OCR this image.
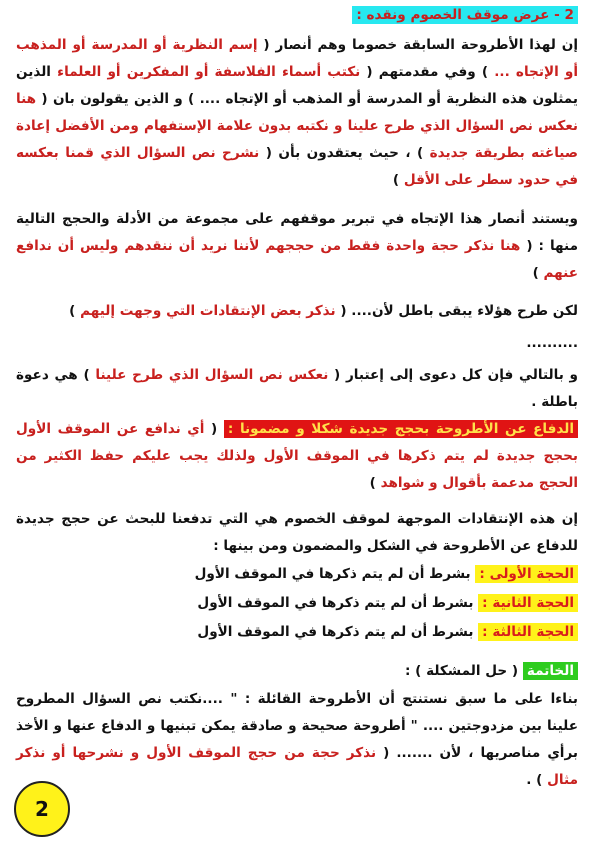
2 - عرض موقف الخصوم ونقده :

إن لهذا الأطروحة السابقة خصوما وهم أنصار ( إسم النظرية أو المدرسة أو المذهب أو الإتجاه ... ) وفي مقدمتهم ( نكتب أسماء الفلاسفة أو المفكرين أو العلماء الذين يمثلون هذه النظرية أو المدرسة أو المذهب أو الإتجاه .... ) و الذين يقولون بان ( هنا نعكس نص السؤال الذي طرح علينا و نكتبه بدون علامة الإستفهام ومن الأفضل إعادة صياغته بطريقة جديدة ) ، حيث يعتقدون بأن ( نشرح نص السؤال الذي قمنا بعكسه في حدود سطر على الأقل )

ويستند أنصار هذا الإتجاه في تبرير موقفهم على مجموعة من الأدلة والحجج التالية منها : ( هنا نذكر حجة واحدة فقط من حججهم لأننا نريد أن ننقدهم وليس أن ندافع عنهم )

لكن طرح هؤلاء يبقى باطل لأن.... ( نذكر بعض الإنتقادات التي وجهت إليهم )

..........

و بالتالي فإن كل دعوى إلى إعتبار ( نعكس نص السؤال الذي طرح علينا ) هي دعوة باطلة .

الدفاع عن الأطروحة بحجج جديدة شكلا و مضمونا : ( أي ندافع عن الموقف الأول بحجج جديدة لم يتم ذكرها في الموقف الأول ولذلك يجب عليكم حفظ الكثير من الحجج مدعمة بأقوال و شواهد )

إن هذه الإنتقادات الموجهة لموقف الخصوم هي التي تدفعنا للبحث عن حجج جديدة للدفاع عن الأطروحة في الشكل والمضمون ومن بينها :

الحجة الأولى : بشرط أن لم يتم ذكرها في الموقف الأول
الحجة الثانية : بشرط أن لم يتم ذكرها في الموقف الأول
الحجة الثالثة : بشرط أن لم يتم ذكرها في الموقف الأول

الخاتمة ( حل المشكلة ) :

بناءا على ما سبق نستنتج أن الأطروحة القائلة : " ....نكتب نص السؤال المطروح علينا بين مزدوجتين .... " أطروحة صحيحة و صادقة يمكن تبنيها و الدفاع عنها و الأخذ برأي مناصريها ، لأن ....... ( نذكر حجة من حجج الموقف الأول و نشرحها أو نذكر مثال ) .

2
